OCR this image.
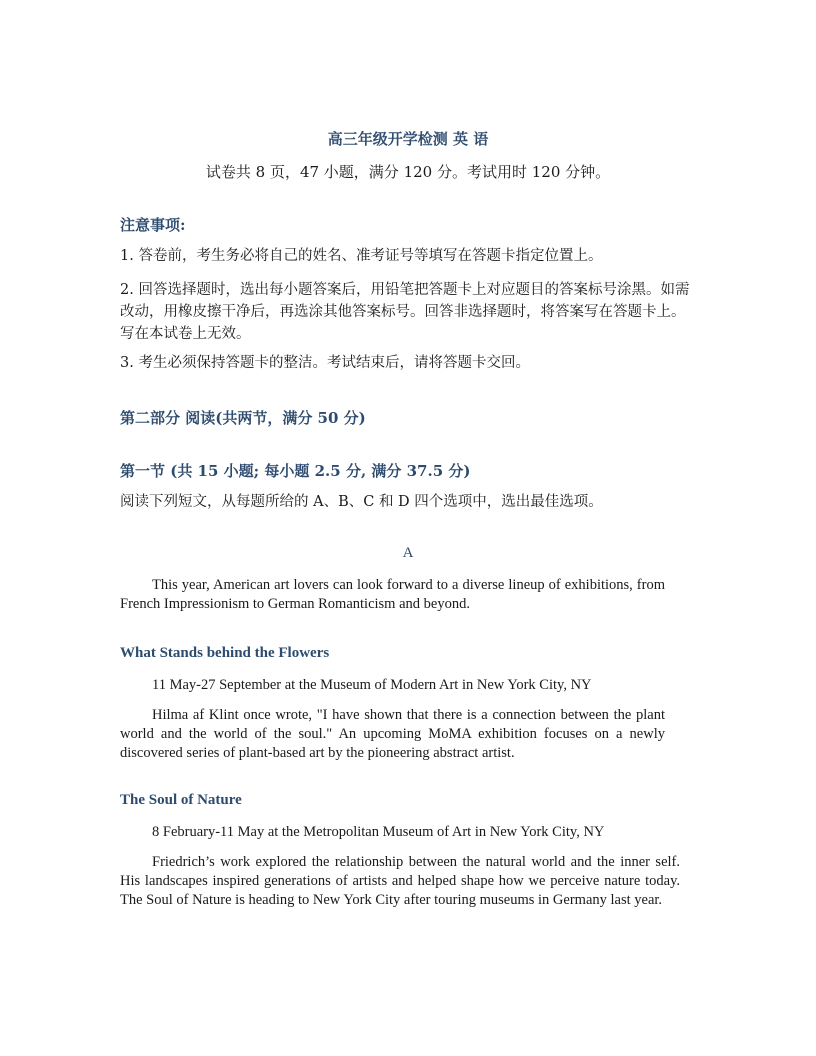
高三年级开学检测 英 语
试卷共 8 页，47 小题，满分 120 分。考试用时 120 分钟。
注意事项:
1. 答卷前，考生务必将自己的姓名、准考证号等填写在答题卡指定位置上。
2. 回答选择题时，选出每小题答案后，用铅笔把答题卡上对应题目的答案标号涂黑。如需改动，用橡皮擦干净后，再选涂其他答案标号。回答非选择题时，将答案写在答题卡上。写在本试卷上无效。
3. 考生必须保持答题卡的整洁。考试结束后，请将答题卡交回。
第二部分 阅读(共两节，满分 50 分)
第一节 (共 15 小题; 每小题 2.5 分, 满分 37.5 分)
阅读下列短文，从每题所给的 A、B、C 和 D 四个选项中，选出最佳选项。
A
This year, American art lovers can look forward to a diverse lineup of exhibitions, from French Impressionism to German Romanticism and beyond.
What Stands behind the Flowers
11 May-27 September at the Museum of Modern Art in New York City, NY
Hilma af Klint once wrote, "I have shown that there is a connection between the plant world and the world of the soul." An upcoming MoMA exhibition focuses on a newly discovered series of plant-based art by the pioneering abstract artist.
The Soul of Nature
8 February-11 May at the Metropolitan Museum of Art in New York City, NY
Friedrich’s work explored the relationship between the natural world and the inner self. His landscapes inspired generations of artists and helped shape how we perceive nature today. The Soul of Nature is heading to New York City after touring museums in Germany last year.
